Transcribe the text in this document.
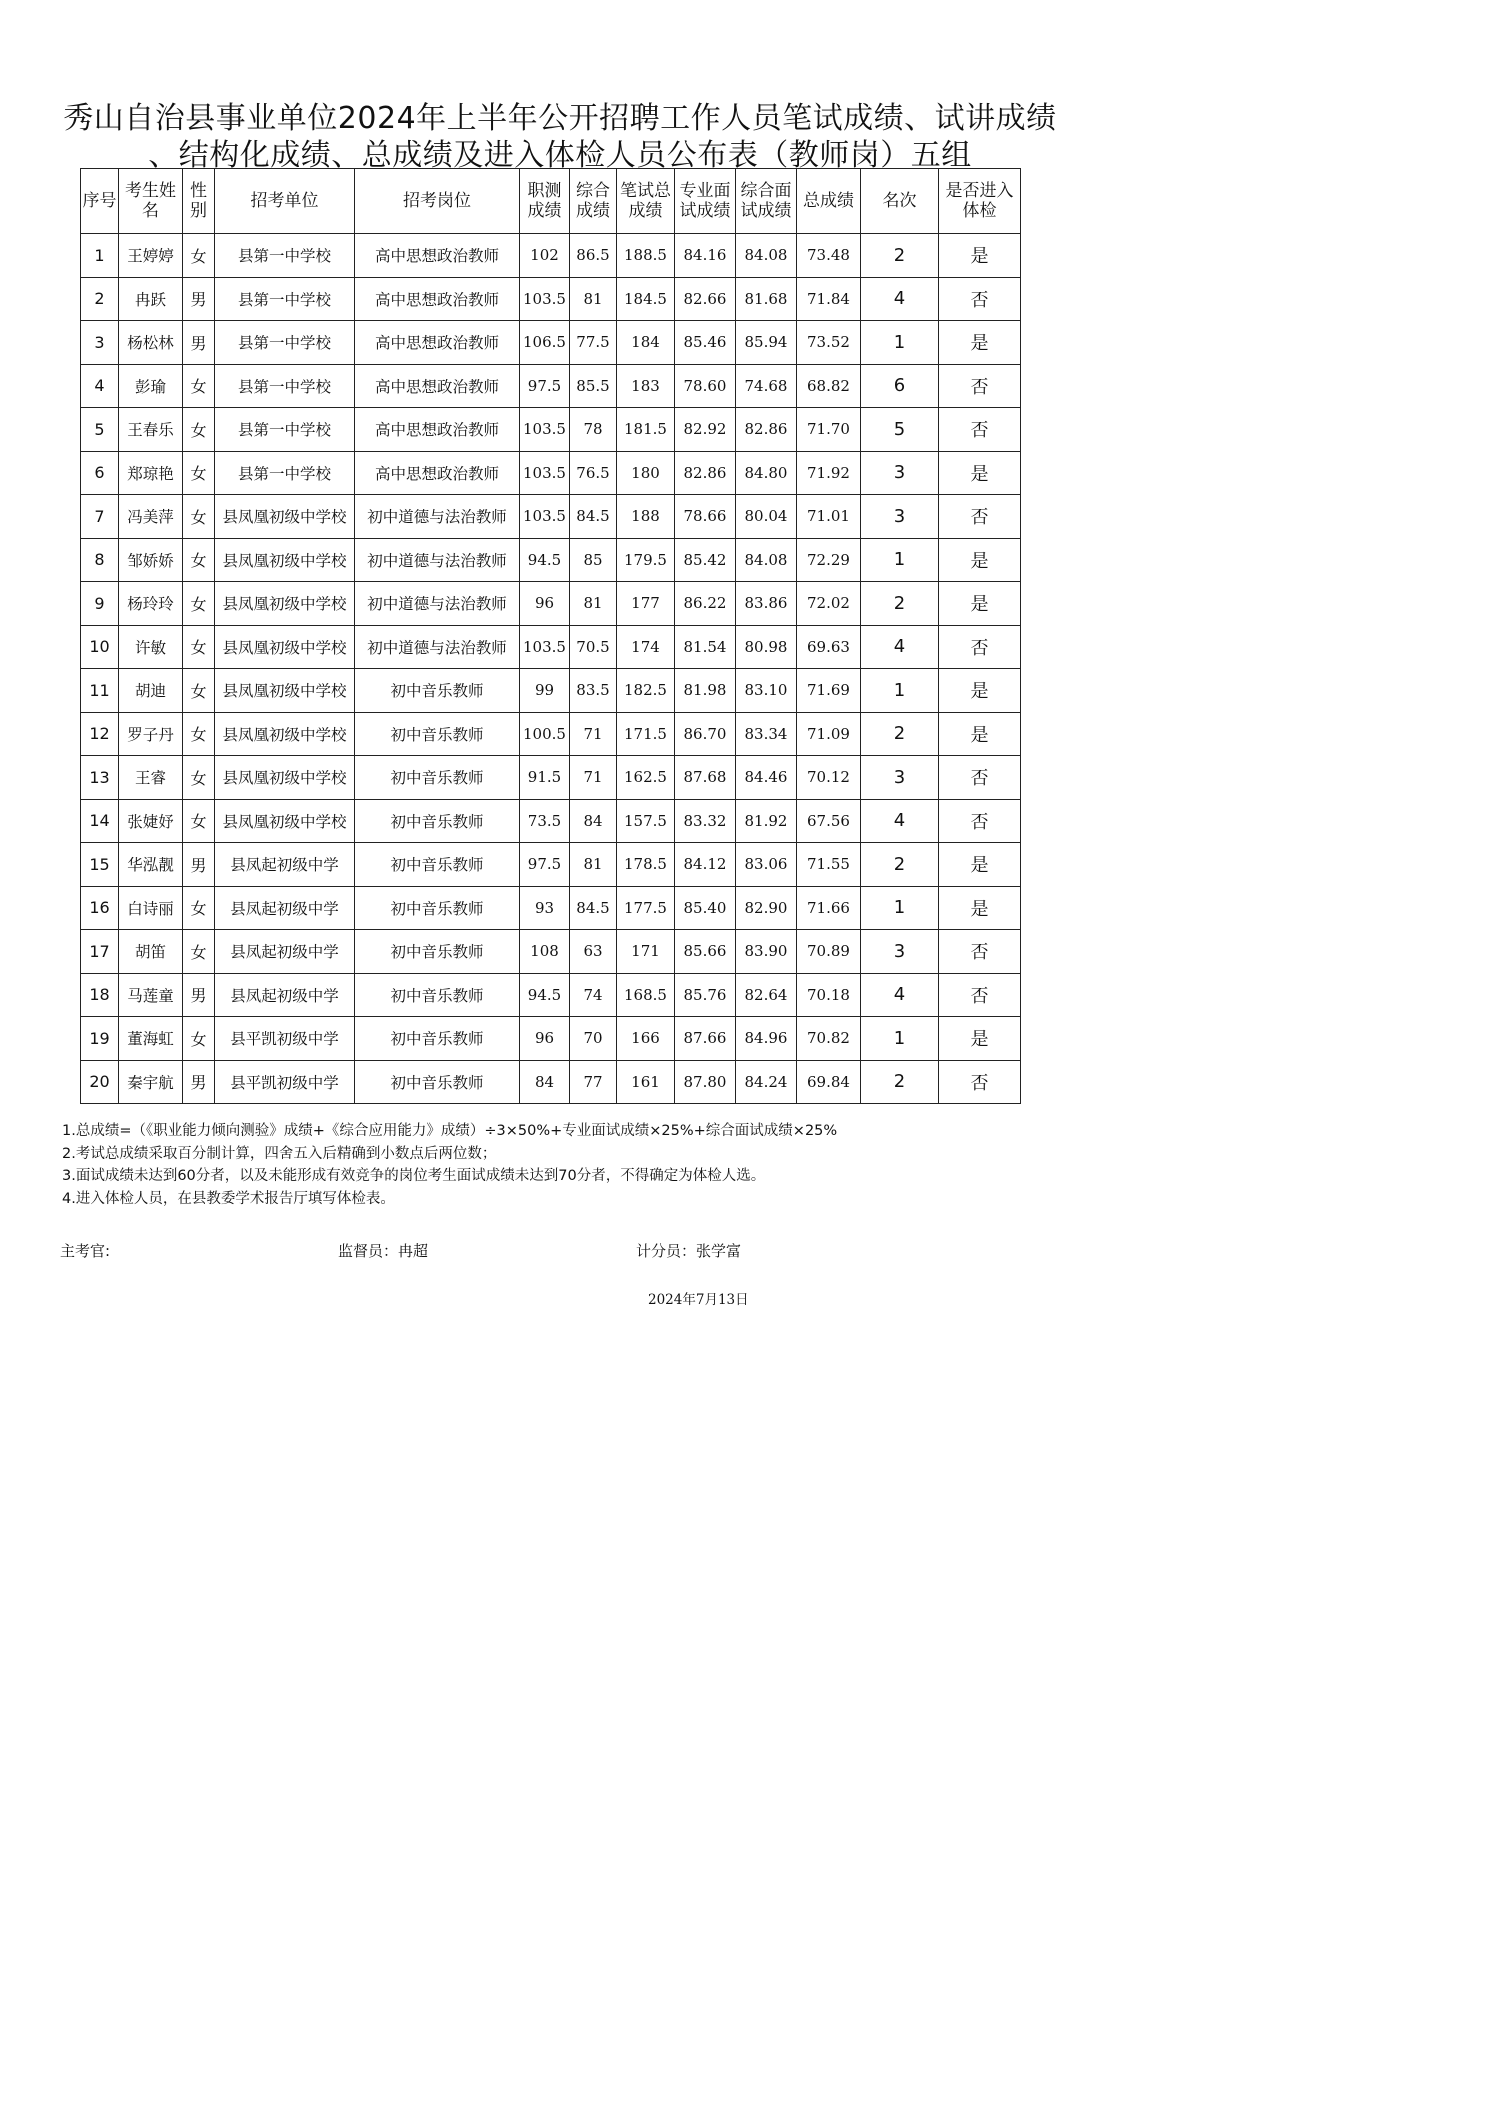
秀山自治县事业单位2024年上半年公开招聘工作人员笔试成绩、试讲成绩
、结构化成绩、总成绩及进入体检人员公布表（教师岗）五组
序号	考生姓名	性别	招考单位	招考岗位	职测成绩	综合成绩	笔试总成绩	专业面试成绩	综合面试成绩	总成绩	名次	是否进入体检
1	王婷婷	女	县第一中学校	高中思想政治教师	102	86.5	188.5	84.16	84.08	73.48	2	是
2	冉跃	男	县第一中学校	高中思想政治教师	103.5	81	184.5	82.66	81.68	71.84	4	否
3	杨松林	男	县第一中学校	高中思想政治教师	106.5	77.5	184	85.46	85.94	73.52	1	是
4	彭瑜	女	县第一中学校	高中思想政治教师	97.5	85.5	183	78.60	74.68	68.82	6	否
5	王春乐	女	县第一中学校	高中思想政治教师	103.5	78	181.5	82.92	82.86	71.70	5	否
6	郑琼艳	女	县第一中学校	高中思想政治教师	103.5	76.5	180	82.86	84.80	71.92	3	是
7	冯美萍	女	县凤凰初级中学校	初中道德与法治教师	103.5	84.5	188	78.66	80.04	71.01	3	否
8	邹娇娇	女	县凤凰初级中学校	初中道德与法治教师	94.5	85	179.5	85.42	84.08	72.29	1	是
9	杨玲玲	女	县凤凰初级中学校	初中道德与法治教师	96	81	177	86.22	83.86	72.02	2	是
10	许敏	女	县凤凰初级中学校	初中道德与法治教师	103.5	70.5	174	81.54	80.98	69.63	4	否
11	胡迪	女	县凤凰初级中学校	初中音乐教师	99	83.5	182.5	81.98	83.10	71.69	1	是
12	罗子丹	女	县凤凰初级中学校	初中音乐教师	100.5	71	171.5	86.70	83.34	71.09	2	是
13	王睿	女	县凤凰初级中学校	初中音乐教师	91.5	71	162.5	87.68	84.46	70.12	3	否
14	张婕妤	女	县凤凰初级中学校	初中音乐教师	73.5	84	157.5	83.32	81.92	67.56	4	否
15	华泓靓	男	县凤起初级中学	初中音乐教师	97.5	81	178.5	84.12	83.06	71.55	2	是
16	白诗丽	女	县凤起初级中学	初中音乐教师	93	84.5	177.5	85.40	82.90	71.66	1	是
17	胡笛	女	县凤起初级中学	初中音乐教师	108	63	171	85.66	83.90	70.89	3	否
18	马莲童	男	县凤起初级中学	初中音乐教师	94.5	74	168.5	85.76	82.64	70.18	4	否
19	董海虹	女	县平凯初级中学	初中音乐教师	96	70	166	87.66	84.96	70.82	1	是
20	秦宇航	男	县平凯初级中学	初中音乐教师	84	77	161	87.80	84.24	69.84	2	否
1.总成绩=（《职业能力倾向测验》成绩+《综合应用能力》成绩）÷3×50%+专业面试成绩×25%+综合面试成绩×25%
2.考试总成绩采取百分制计算，四舍五入后精确到小数点后两位数；
3.面试成绩未达到60分者，以及未能形成有效竞争的岗位考生面试成绩未达到70分者，不得确定为体检人选。
4.进入体检人员，在县教委学术报告厅填写体检表。
主考官:	监督员：冉超	计分员：张学富
2024年7月13日
